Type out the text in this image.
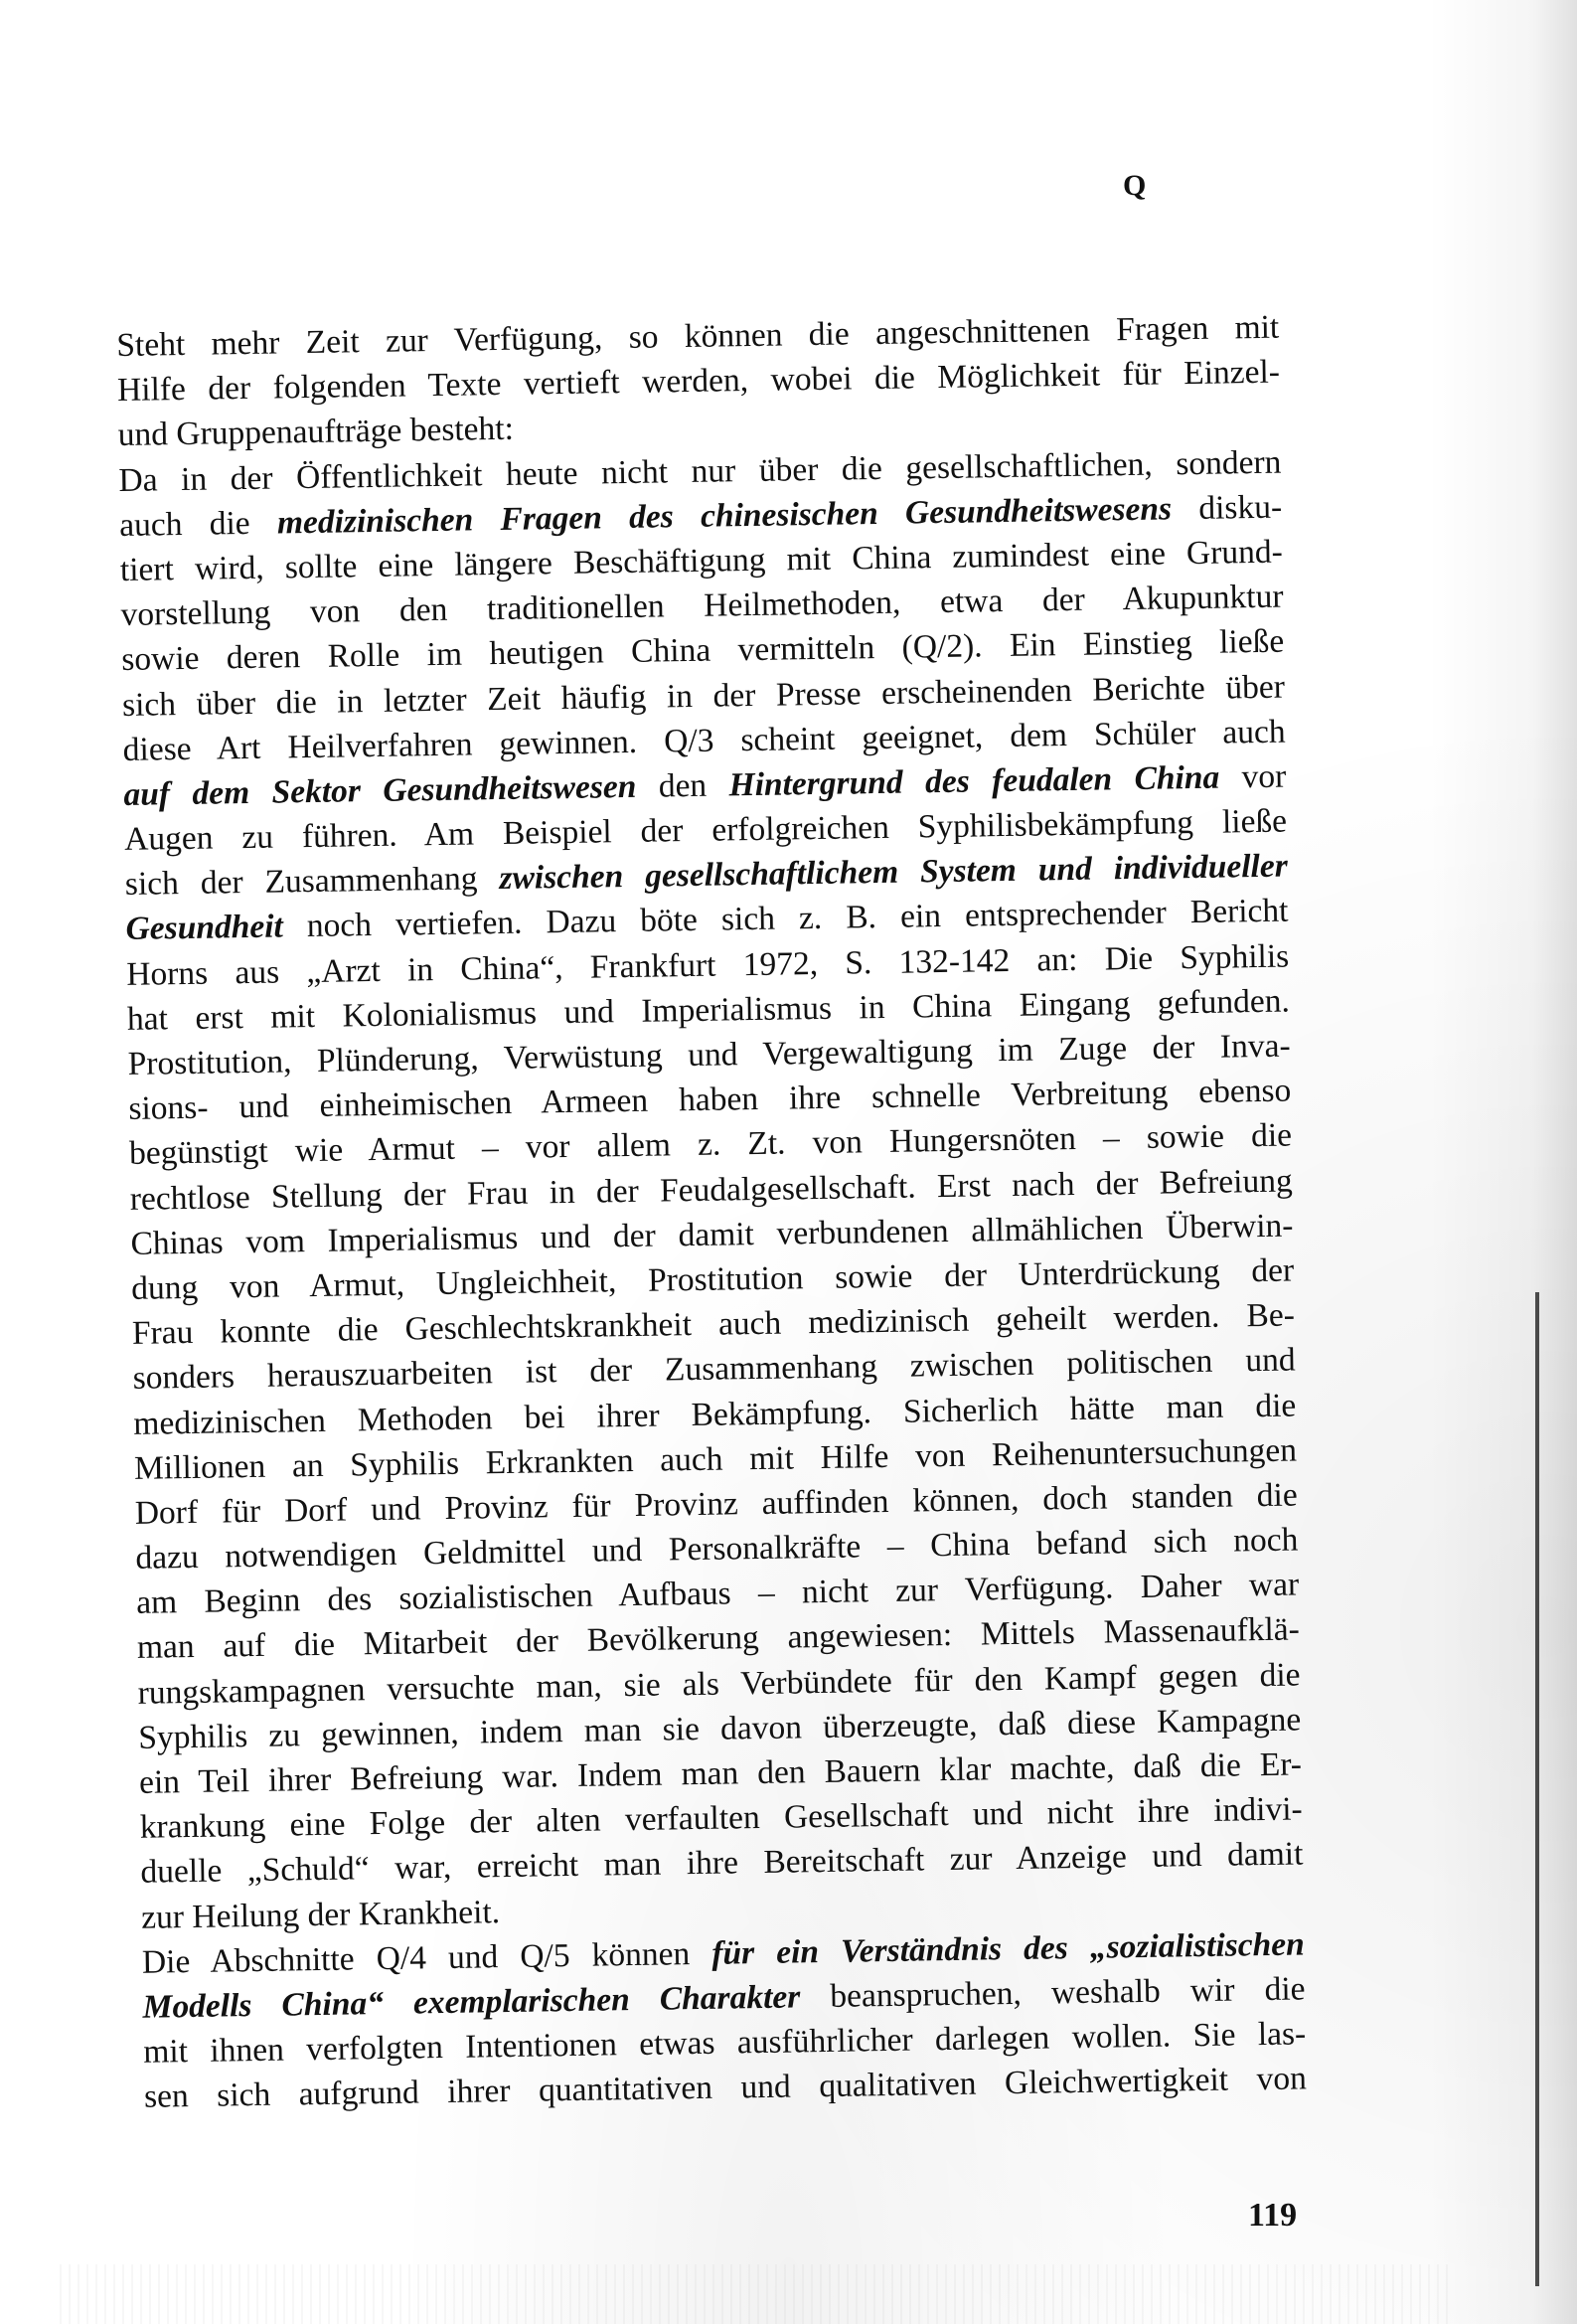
Q
Steht mehr Zeit zur Verfügung, so können die angeschnittenen Fragen mit
Hilfe der folgenden Texte vertieft werden, wobei die Möglichkeit für Einzel-
und Gruppenaufträge besteht:
Da in der Öffentlichkeit heute nicht nur über die gesellschaftlichen, sondern
auch die medizinischen Fragen des chinesischen Gesundheitswesens disku-
tiert wird, sollte eine längere Beschäftigung mit China zumindest eine Grund-
vorstellung von den traditionellen Heilmethoden, etwa der Akupunktur
sowie deren Rolle im heutigen China vermitteln (Q/2). Ein Einstieg ließe
sich über die in letzter Zeit häufig in der Presse erscheinenden Berichte über
diese Art Heilverfahren gewinnen. Q/3 scheint geeignet, dem Schüler auch
auf dem Sektor Gesundheitswesen den Hintergrund des feudalen China vor
Augen zu führen. Am Beispiel der erfolgreichen Syphilisbekämpfung ließe
sich der Zusammenhang zwischen gesellschaftlichem System und individueller
Gesundheit noch vertiefen. Dazu böte sich z. B. ein entsprechender Bericht
Horns aus „Arzt in China“, Frankfurt 1972, S. 132-142 an: Die Syphilis
hat erst mit Kolonialismus und Imperialismus in China Eingang gefunden.
Prostitution, Plünderung, Verwüstung und Vergewaltigung im Zuge der Inva-
sions- und einheimischen Armeen haben ihre schnelle Verbreitung ebenso
begünstigt wie Armut – vor allem z. Zt. von Hungersnöten – sowie die
rechtlose Stellung der Frau in der Feudalgesellschaft. Erst nach der Befreiung
Chinas vom Imperialismus und der damit verbundenen allmählichen Überwin-
dung von Armut, Ungleichheit, Prostitution sowie der Unterdrückung der
Frau konnte die Geschlechtskrankheit auch medizinisch geheilt werden. Be-
sonders herauszuarbeiten ist der Zusammenhang zwischen politischen und
medizinischen Methoden bei ihrer Bekämpfung. Sicherlich hätte man die
Millionen an Syphilis Erkrankten auch mit Hilfe von Reihenuntersuchungen
Dorf für Dorf und Provinz für Provinz auffinden können, doch standen die
dazu notwendigen Geldmittel und Personalkräfte – China befand sich noch
am Beginn des sozialistischen Aufbaus – nicht zur Verfügung. Daher war
man auf die Mitarbeit der Bevölkerung angewiesen: Mittels Massenaufklä-
rungskampagnen versuchte man, sie als Verbündete für den Kampf gegen die
Syphilis zu gewinnen, indem man sie davon überzeugte, daß diese Kampagne
ein Teil ihrer Befreiung war. Indem man den Bauern klar machte, daß die Er-
krankung eine Folge der alten verfaulten Gesellschaft und nicht ihre indivi-
duelle „Schuld“ war, erreicht man ihre Bereitschaft zur Anzeige und damit
zur Heilung der Krankheit.
Die Abschnitte Q/4 und Q/5 können für ein Verständnis des „sozialistischen
Modells China“ exemplarischen Charakter beanspruchen, weshalb wir die
mit ihnen verfolgten Intentionen etwas ausführlicher darlegen wollen. Sie las-
sen sich aufgrund ihrer quantitativen und qualitativen Gleichwertigkeit von
119
